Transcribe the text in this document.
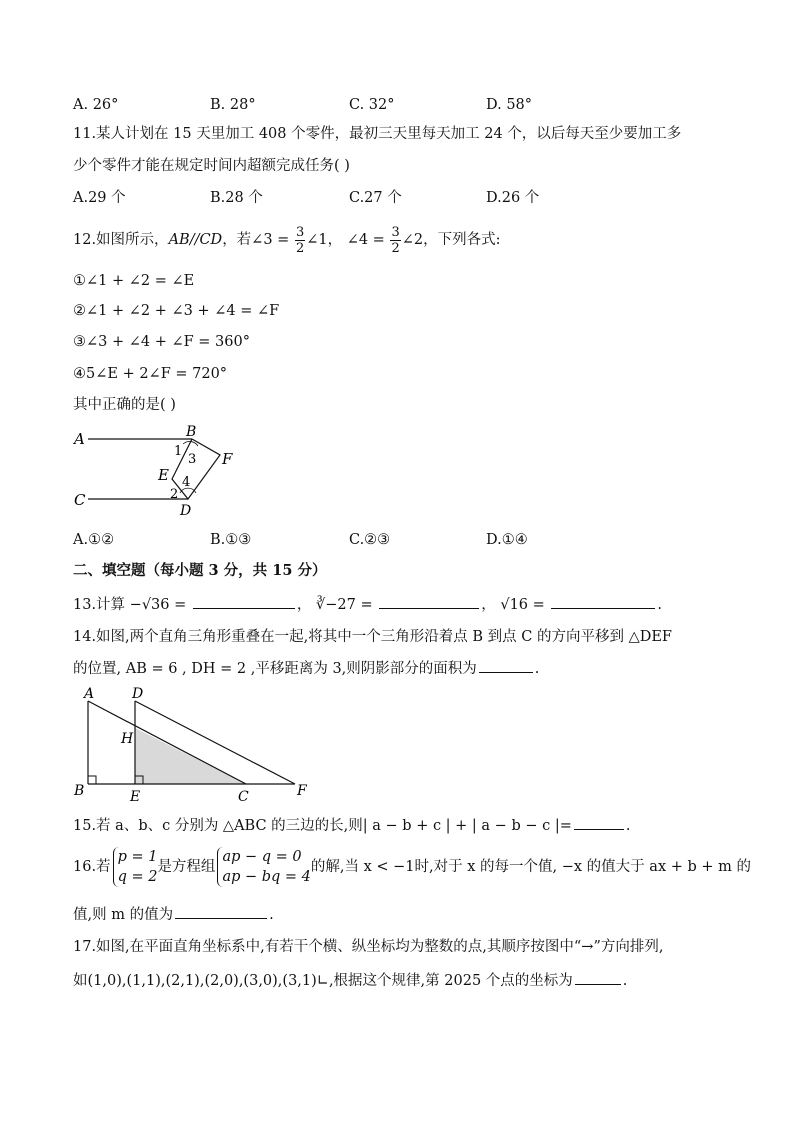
A. 26°	B. 28°	C. 32°	D. 58°
11.某人计划在 15 天里加工 408 个零件，最初三天里每天加工 24 个，以后每天至少要加工多
少个零件才能在规定时间内超额完成任务( )
A.29 个	B.28 个	C.27 个	D.26 个
12.如图所示，AB//CD，若∠3 = $\frac{3}{2}$ ∠1， ∠4 = $\frac{3}{2}$ ∠2，下列各式:
①∠1 + ∠2 = ∠E
②∠1 + ∠2 + ∠3 + ∠4 = ∠F
③∠3 + ∠4 + ∠F = 360°
④5∠E + 2∠F = 720°
其中正确的是( )
A	B
F
1
3
E 4
2
C
D
A.①②	B.①③	C.②③	D.①④
二、填空题（每小题 3 分，共 15 分）
13.计算 −√36 =	， ∛−27 =	， √16 =	.
14.如图,两个直角三角形重叠在一起,将其中一个三角形沿着点 B 到点 C 的方向平移到 △DEF
的位置, AB = 6 , DH = 2 ,平移距离为 3,则阴影部分的面积为	.
A	D
H
B	E	C	F
15.若 a、b、c 分别为 △ABC 的三边的长,则| a − b + c | + | a − b − c |=	.
16.若
p = 1
q = 2
是方程组
ap − q = 0
ap − bq = 4
的解,当 x < −1时,对于 x 的每一个值, −x 的值大于 ax + b + m 的
值,则 m 的值为	.
17.如图,在平面直角坐标系中,有若干个横、纵坐标均为整数的点,其顺序按图中“→”方向排列,
如(1,0),(1,1),(2,1),(2,0),(3,0),(3,1)∟,根据这个规律,第 2025 个点的坐标为	.
